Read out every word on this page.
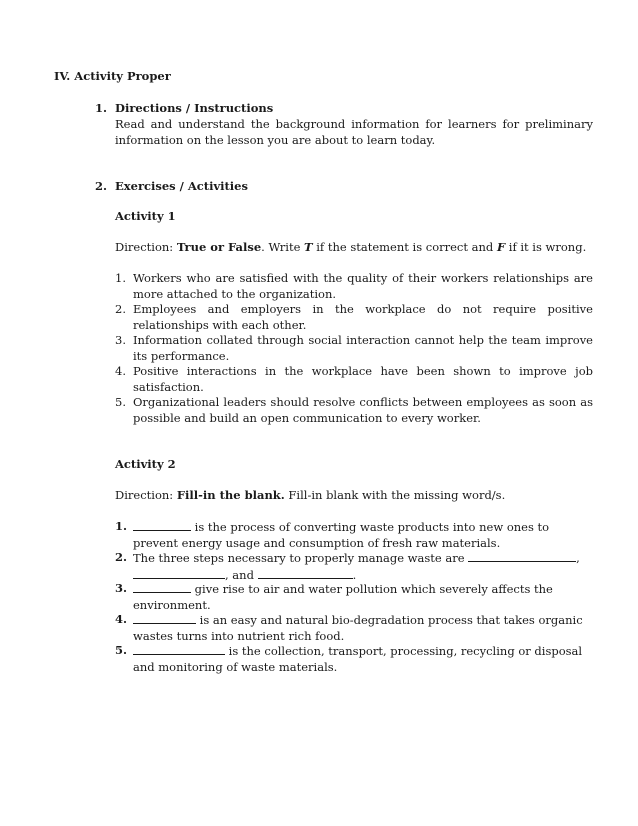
IV. Activity Proper
1. Directions / Instructions
Read and understand the background information for learners for preliminary information on the lesson you are about to learn today.
2. Exercises / Activities
Activity 1
Direction: True or False. Write T if the statement is correct and F if it is wrong.
1. Workers who are satisfied with the quality of their workers relationships are more attached to the organization.
2. Employees and employers in the workplace do not require positive relationships with each other.
3. Information collated through social interaction cannot help the team improve its performance.
4. Positive interactions in the workplace have been shown to improve job satisfaction.
5. Organizational leaders should resolve conflicts between employees as soon as possible and build an open communication to every worker.
Activity 2
Direction: Fill-in the blank. Fill-in blank with the missing word/s.
1.	is the process of converting waste products into new ones to prevent energy usage and consumption of fresh raw materials.
2. The three steps necessary to properly manage waste are	,
, and	.
3.	give rise to air and water pollution which severely affects the environment.
4.	is an easy and natural bio-degradation process that takes organic wastes turns into nutrient rich food.
5.	is the collection, transport, processing, recycling or disposal and monitoring of waste materials.
